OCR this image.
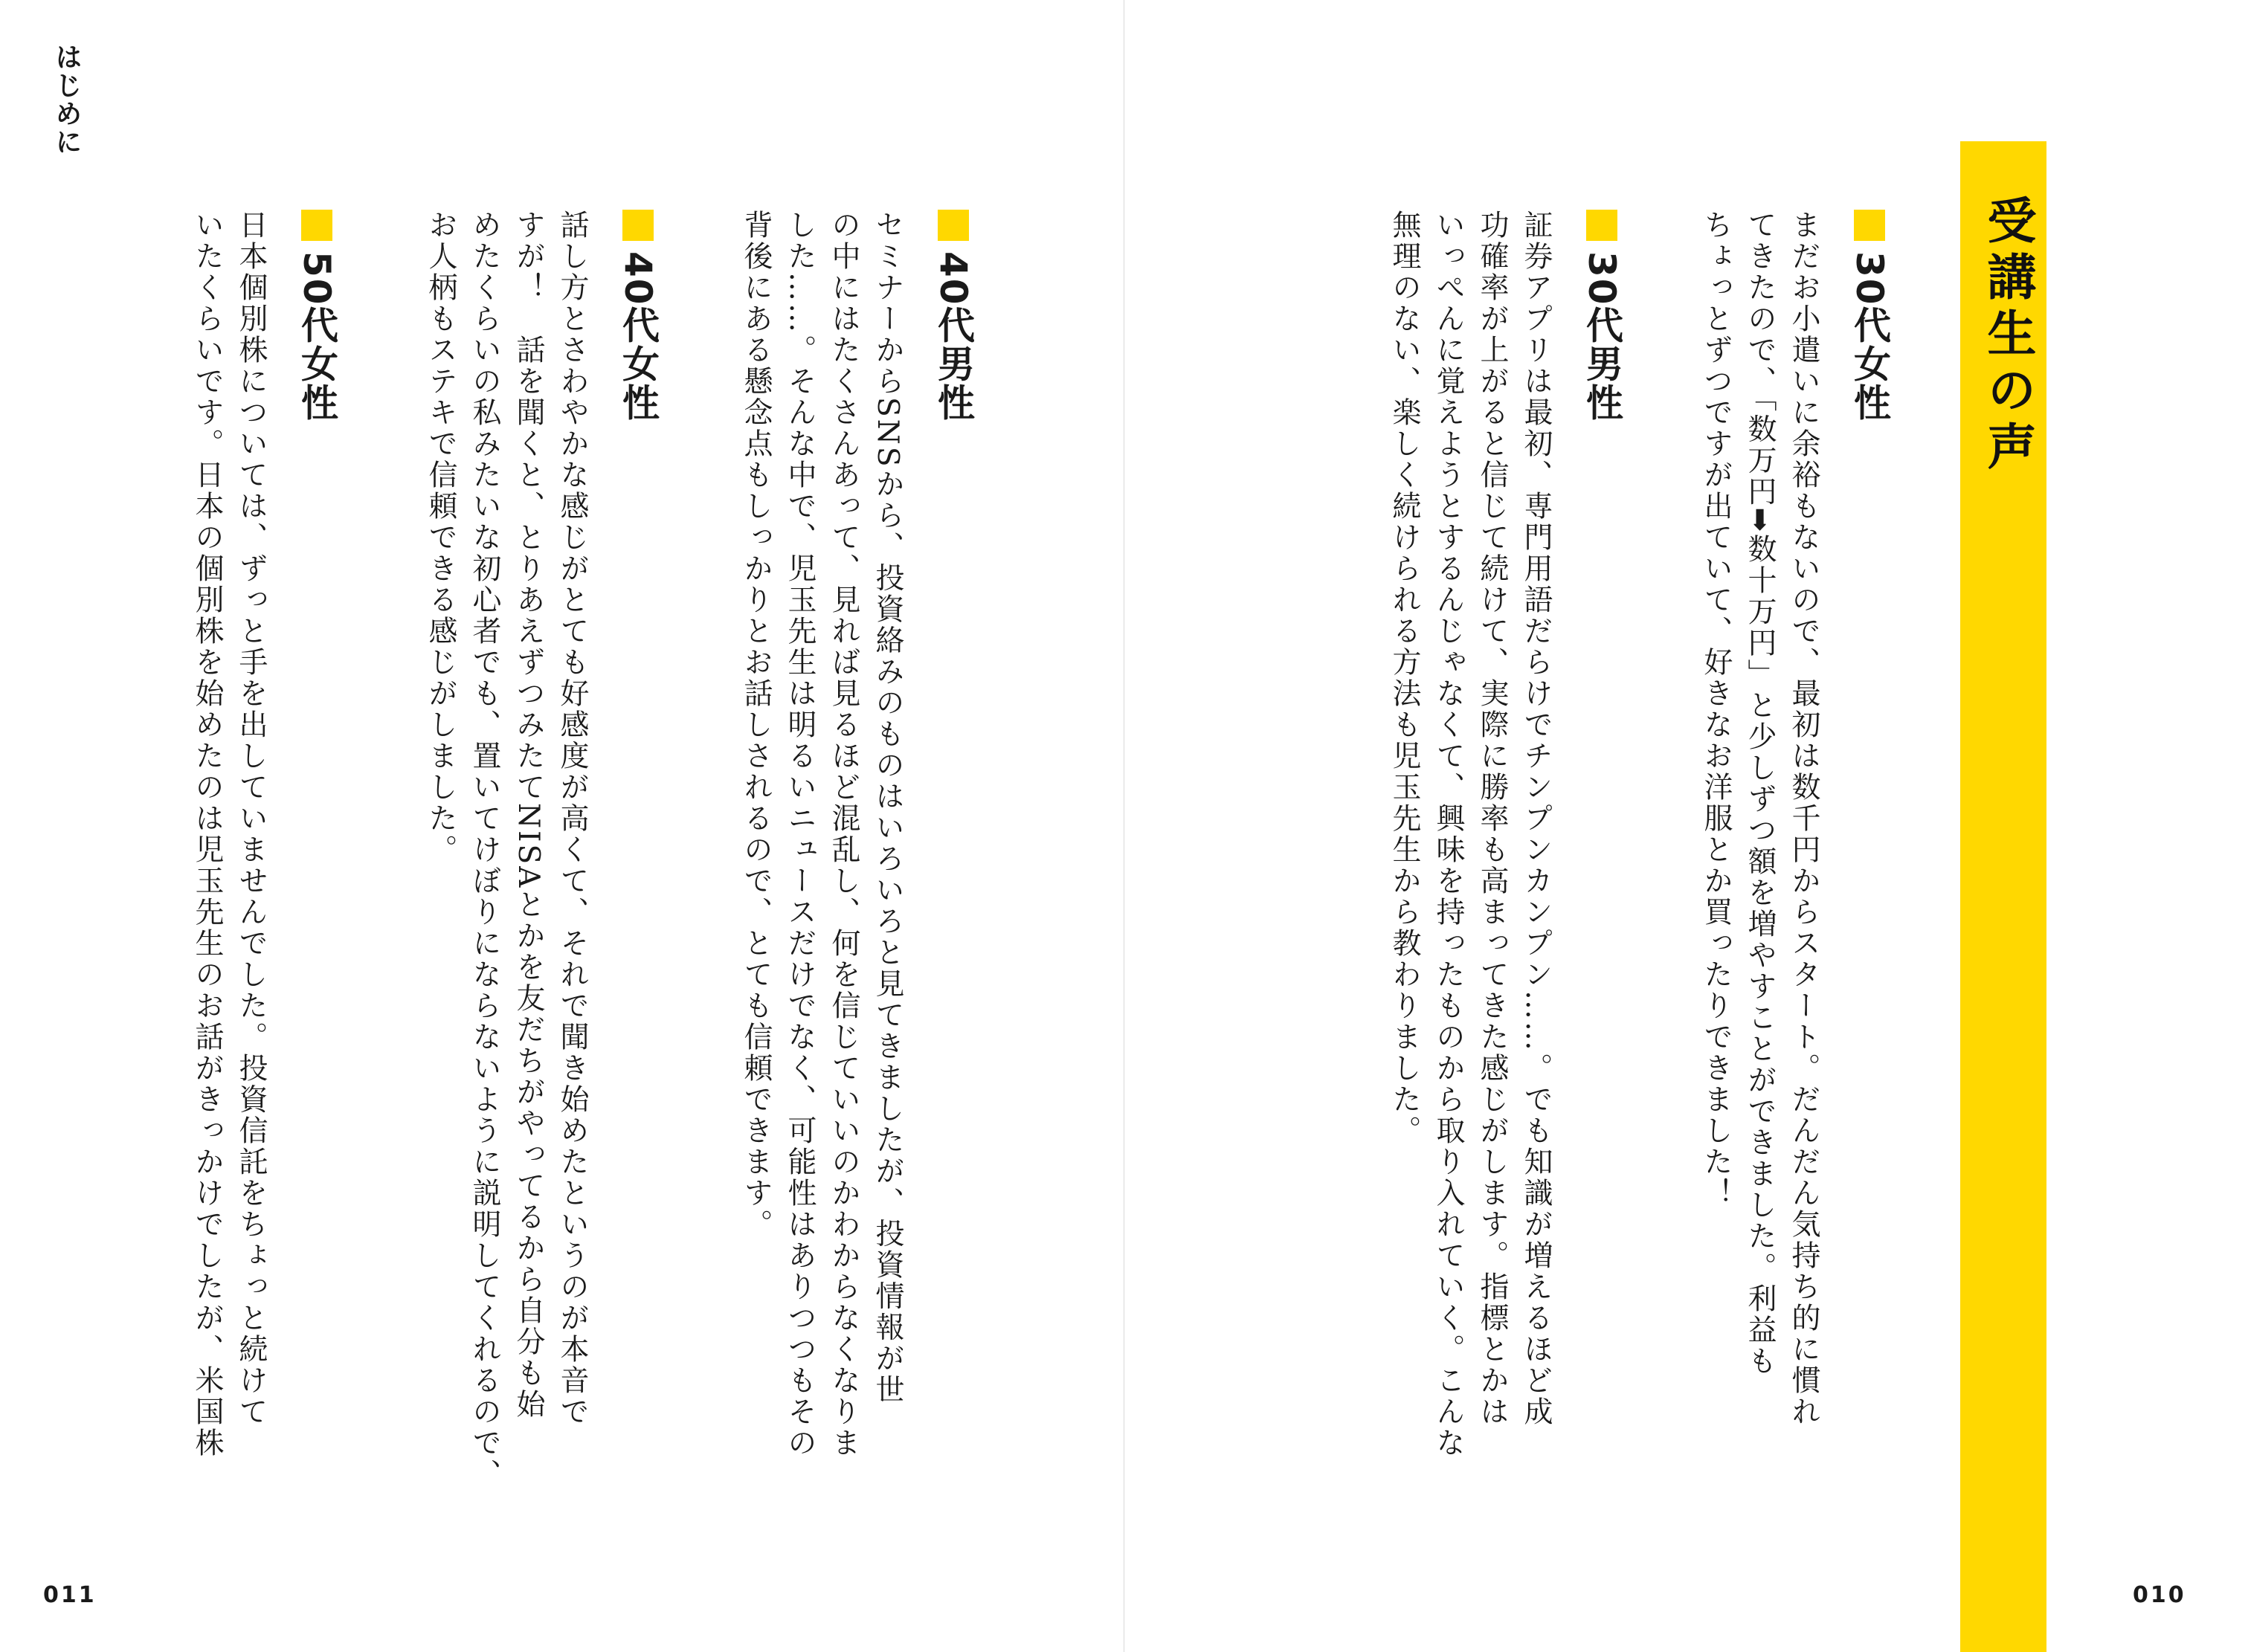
はじめに
受講生の声
30代女性
まだお小遣いに余裕もないので、最初は数千円からスタート。だんだん気持ち的に慣れ
てきたので、「数万円➡数十万円」と少しずつ額を増やすことができました。利益も
ちょっとずつですが出ていて、好きなお洋服とか買ったりできました！
30代男性
証券アプリは最初、専門用語だらけでチンプンカンプン……。でも知識が増えるほど成
功確率が上がると信じて続けて、実際に勝率も高まってきた感じがします。指標とかは
いっぺんに覚えようとするんじゃなくて、興味を持ったものから取り入れていく。こんな
無理のない、楽しく続けられる方法も児玉先生から教わりました。
40代男性
セミナーからSNSから、投資絡みのものはいろいろと見てきましたが、投資情報が世
の中にはたくさんあって、見れば見るほど混乱し、何を信じていいのかわからなくなりま
した……。そんな中で、児玉先生は明るいニュースだけでなく、可能性はありつつもその
背後にある懸念点もしっかりとお話しされるので、とても信頼できます。
40代女性
話し方とさわやかな感じがとても好感度が高くて、それで聞き始めたというのが本音で
すが！　話を聞くと、とりあえずつみたてNISAとかを友だちがやってるから自分も始
めたくらいの私みたいな初心者でも、置いてけぼりにならないように説明してくれるので、
お人柄もステキで信頼できる感じがしました。
50代女性
日本個別株については、ずっと手を出していませんでした。投資信託をちょっと続けて
いたくらいです。日本の個別株を始めたのは児玉先生のお話がきっかけでしたが、米国株
011	010
